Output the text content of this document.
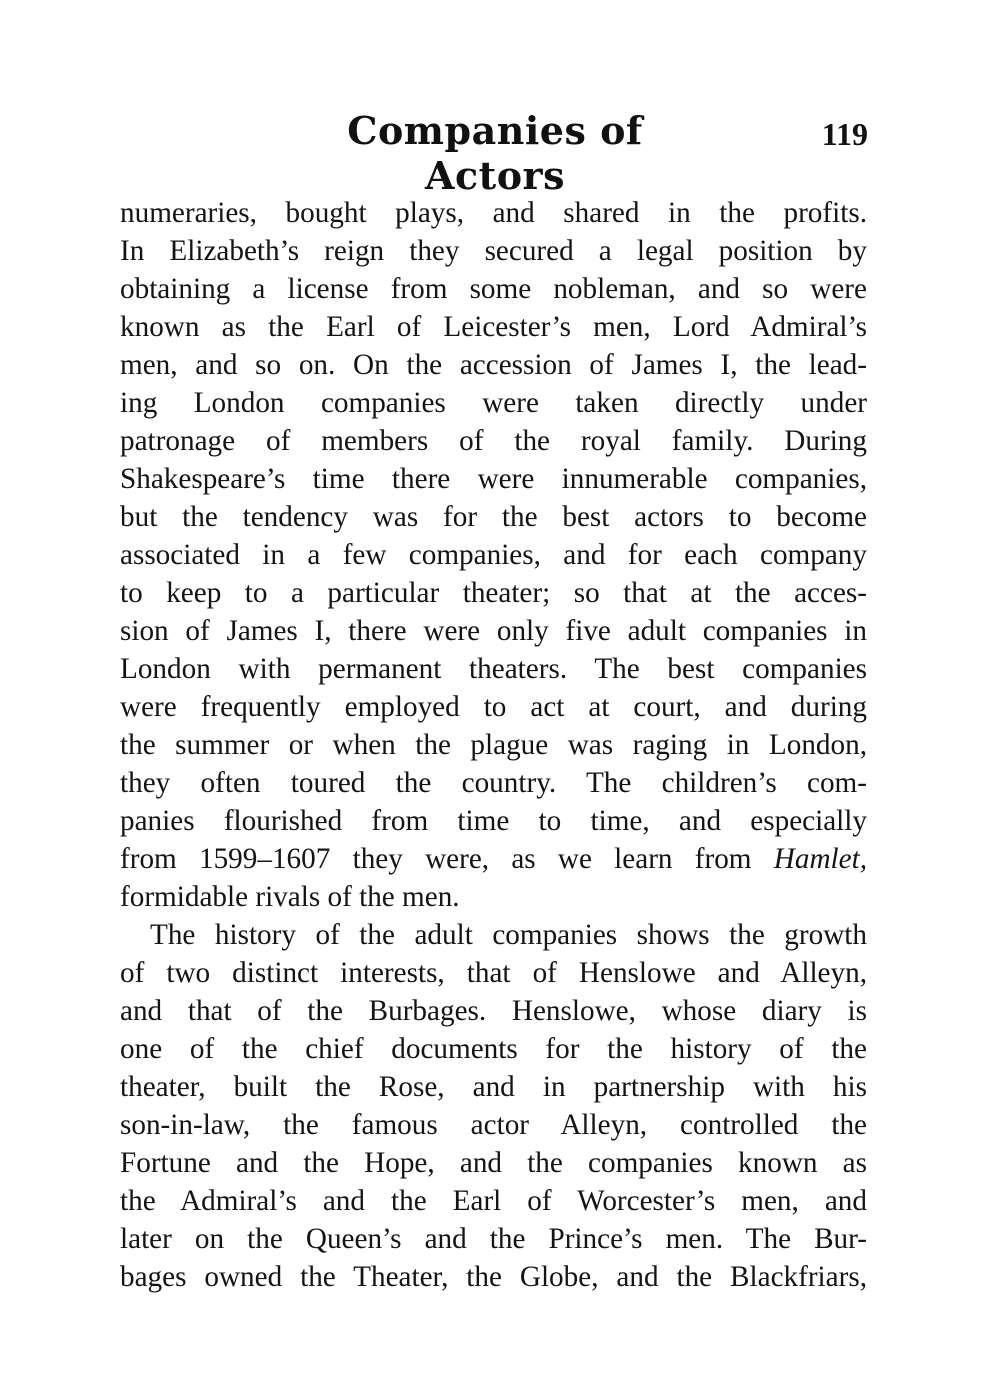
Companies of Actors
119
numeraries, bought plays, and shared in the profits.
In Elizabeth’s reign they secured a legal position by
obtaining a license from some nobleman, and so were
known as the Earl of Leicester’s men, Lord Admiral’s
men, and so on. On the accession of James I, the lead-
ing London companies were taken directly under
patronage of members of the royal family. During
Shakespeare’s time there were innumerable companies,
but the tendency was for the best actors to become
associated in a few companies, and for each company
to keep to a particular theater; so that at the acces-
sion of James I, there were only five adult companies in
London with permanent theaters. The best companies
were frequently employed to act at court, and during
the summer or when the plague was raging in London,
they often toured the country. The children’s com-
panies flourished from time to time, and especially
from 1599–1607 they were, as we learn from Hamlet,
formidable rivals of the men.
The history of the adult companies shows the growth
of two distinct interests, that of Henslowe and Alleyn,
and that of the Burbages. Henslowe, whose diary is
one of the chief documents for the history of the
theater, built the Rose, and in partnership with his
son-in-law, the famous actor Alleyn, controlled the
Fortune and the Hope, and the companies known as
the Admiral’s and the Earl of Worcester’s men, and
later on the Queen’s and the Prince’s men. The Bur-
bages owned the Theater, the Globe, and the Blackfriars,
